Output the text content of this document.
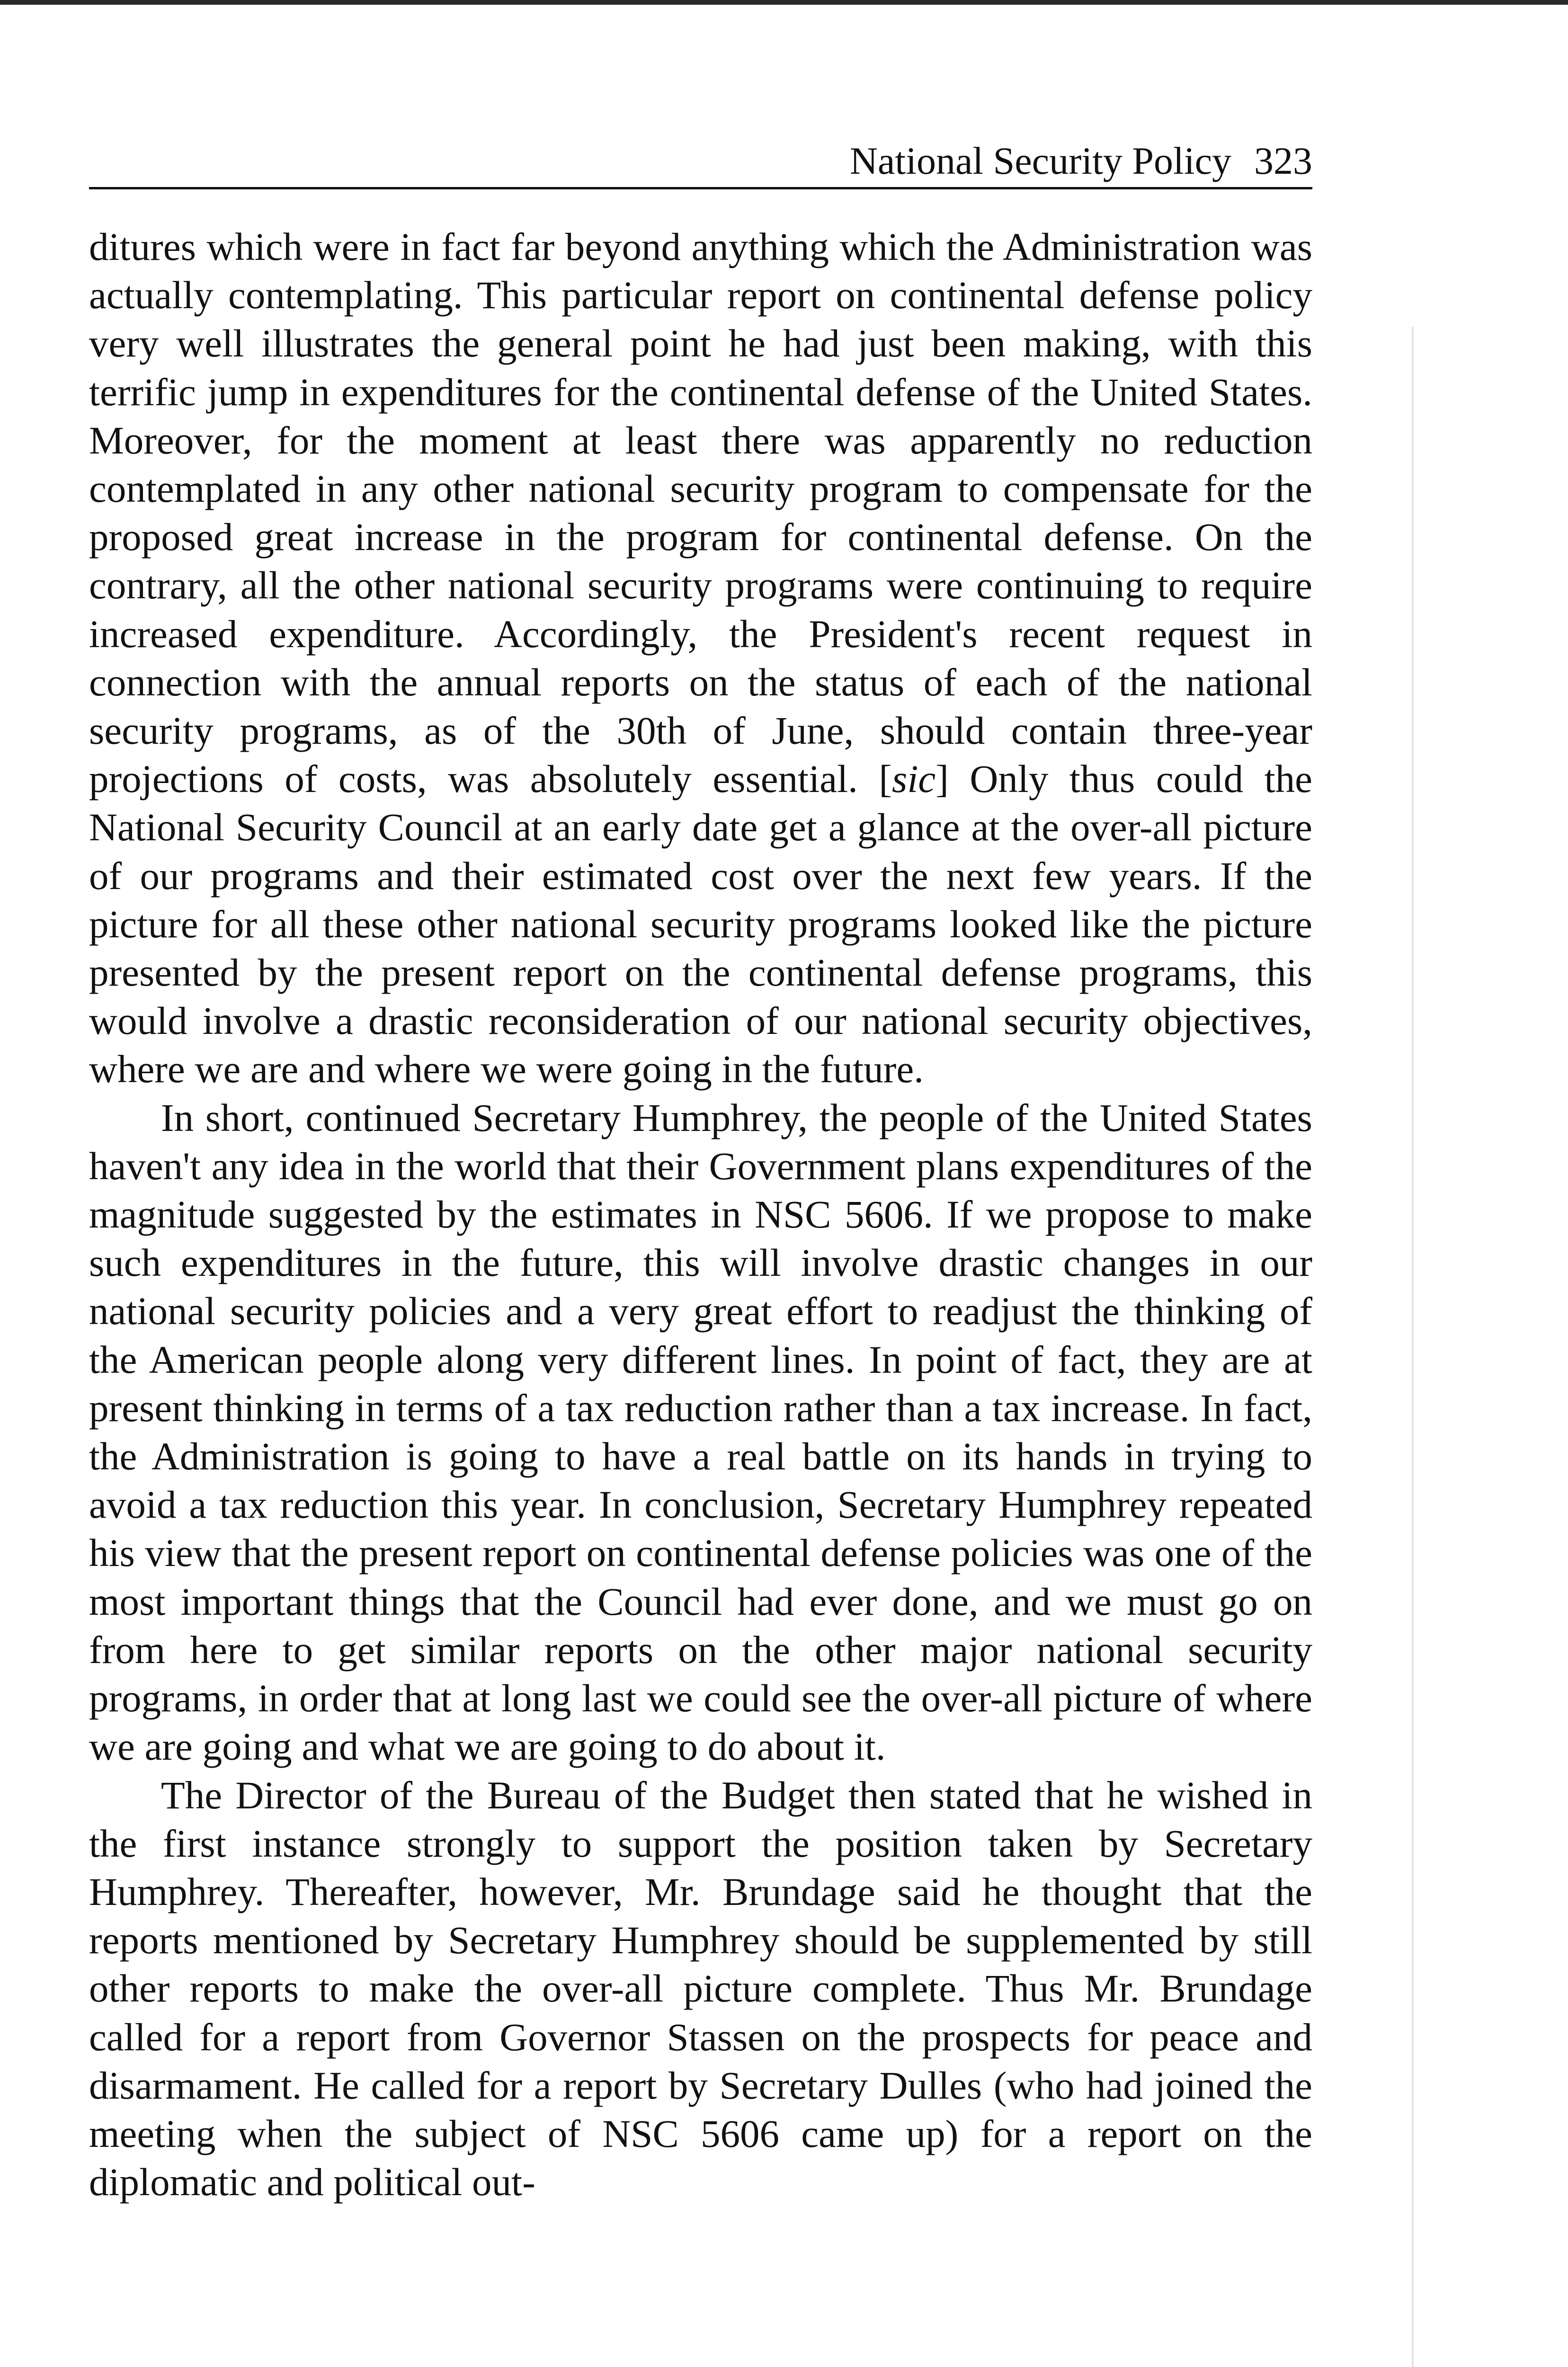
National Security Policy 323

ditures which were in fact far beyond anything which the Administration was actually contemplating. This particular report on continental defense policy very well illustrates the general point he had just been making, with this terrific jump in expenditures for the continental defense of the United States. Moreover, for the moment at least there was apparently no reduction contemplated in any other national security program to compensate for the proposed great increase in the program for continental defense. On the contrary, all the other national security programs were continuing to require increased expenditure. Accordingly, the President's recent request in connection with the annual reports on the status of each of the national security programs, as of the 30th of June, should contain three-year projections of costs, was absolutely essential. [sic] Only thus could the National Security Council at an early date get a glance at the over-all picture of our programs and their estimated cost over the next few years. If the picture for all these other national security programs looked like the picture presented by the present report on the continental defense programs, this would involve a drastic reconsideration of our national security objectives, where we are and where we were going in the future.

In short, continued Secretary Humphrey, the people of the United States haven't any idea in the world that their Government plans expenditures of the magnitude suggested by the estimates in NSC 5606. If we propose to make such expenditures in the future, this will involve drastic changes in our national security policies and a very great effort to readjust the thinking of the American people along very different lines. In point of fact, they are at present thinking in terms of a tax reduction rather than a tax increase. In fact, the Administration is going to have a real battle on its hands in trying to avoid a tax reduction this year. In conclusion, Secretary Humphrey repeated his view that the present report on continental defense policies was one of the most important things that the Council had ever done, and we must go on from here to get similar reports on the other major national security programs, in order that at long last we could see the over-all picture of where we are going and what we are going to do about it.

The Director of the Bureau of the Budget then stated that he wished in the first instance strongly to support the position taken by Secretary Humphrey. Thereafter, however, Mr. Brundage said he thought that the reports mentioned by Secretary Humphrey should be supplemented by still other reports to make the over-all picture complete. Thus Mr. Brundage called for a report from Governor Stassen on the prospects for peace and disarmament. He called for a report by Secretary Dulles (who had joined the meeting when the subject of NSC 5606 came up) for a report on the diplomatic and political out-
